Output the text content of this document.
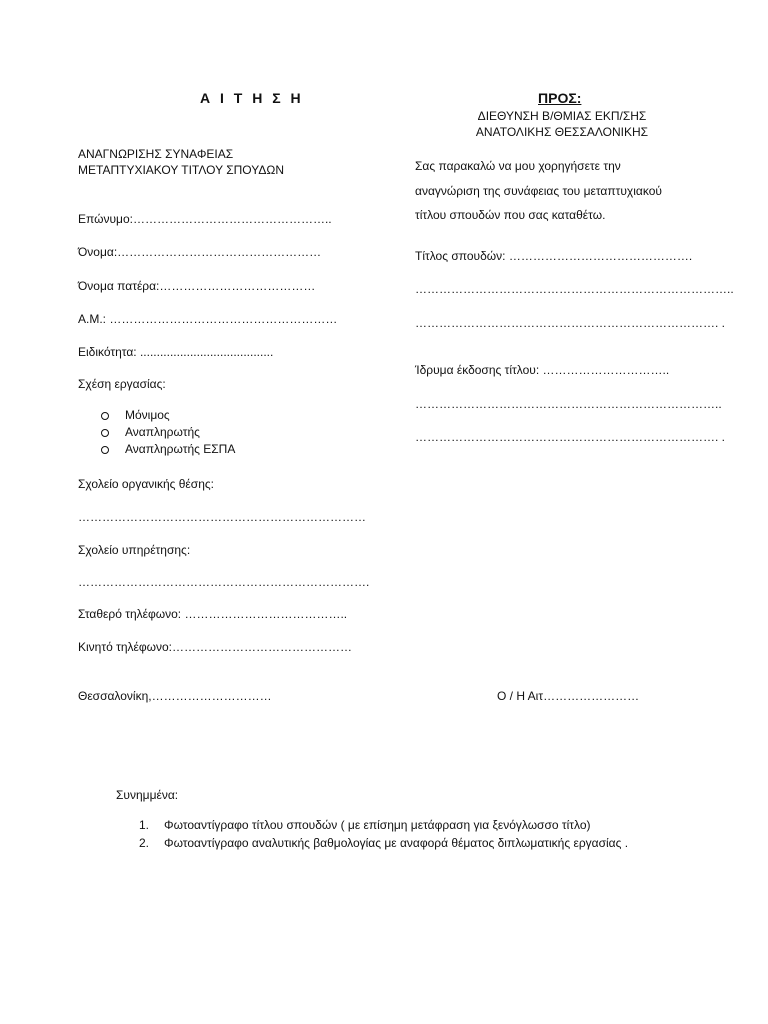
Α Ι Τ Η Σ Η	ΠΡΟΣ:
ΔΙΕΘΥΝΣΗ Β/ΘΜΙΑΣ ΕΚΠ/ΣΗΣ
ΑΝΑΤΟΛΙΚΗΣ ΘΕΣΣΑΛΟΝΙΚΗΣ
ΑΝΑΓΝΩΡΙΣΗΣ ΣΥΝΑΦΕΙΑΣ
ΜΕΤΑΠΤΥΧΙΑΚΟΥ ΤΙΤΛΟΥ ΣΠΟΥΔΩΝ
Επώνυμο:…………………………………………..
Όνομα:……………………………………………
Όνομα πατέρα:…………………………………
Α.Μ.: …………………………………………………
Ειδικότητα: ........................................
Σχέση εργασίας:
Μόνιμος
Αναπληρωτής
Αναπληρωτής ΕΣΠΑ
Σχολείο οργανικής θέσης:
………………………………………………………………
Σχολείο υπηρέτησης:
……………………………………………………………….
Σταθερό τηλέφωνο: …………………………………..
Κινητό τηλέφωνο:………………………………………
Σας παρακαλώ να μου χορηγήσετε την
αναγνώριση της συνάφειας του μεταπτυχιακού
τίτλου σπουδών που σας καταθέτω.
Τίτλος σπουδών: ……………………………………….
……………………………………………………………………..
…………………………………………………………………. .
Ίδρυμα έκδοσης τίτλου: …………………………..
…………………………………………………………………..
…………………………………………………………………. .
Θεσσαλονίκη,…………………………	Ο / Η Αιτ……………………
Συνημμένα:
1. Φωτοαντίγραφο τίτλου σπουδών ( με επίσημη μετάφραση για ξενόγλωσσο τίτλο)
2. Φωτοαντίγραφο αναλυτικής βαθμολογίας με αναφορά θέματος διπλωματικής εργασίας .
